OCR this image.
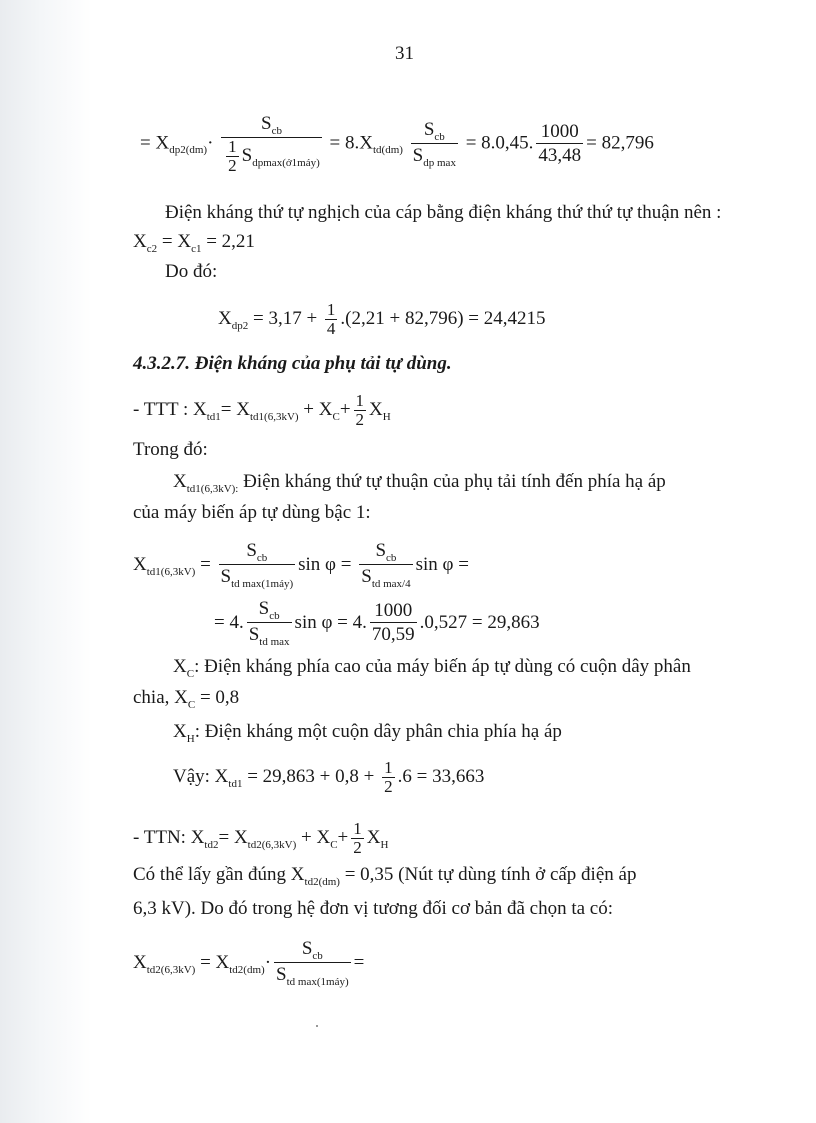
31
= $X_{dp2(dm)}\cdot \frac{S_{cb}}{\frac{1}{2} S_{dpmax(ở1máy)}} = 8.X_{td(dm)} \frac{S_{cb}}{S_{dp max}} = 8.0,45$. $\frac{1000}{43,48} = 82,796$
Điện kháng thứ tự nghịch của cáp bằng điện kháng thứ thứ tự thuận nên :
$X_{c2} = X_{c1} = 2,21$
Do đó:
$X_{dp2} = 3,17 + \frac{1}{4} .(2,21 + 82,796) = 24,4215$
4.3.2.7. Điện kháng của phụ tải tự dùng.
- TTT : $X_{td1}= X_{td1(6,3kV)} + X_C+ \frac{1}{2} X_H$
Trong đó:
$X_{td1(6,3kV):}$ Điện kháng thứ tự thuận của phụ tải tính đến phía hạ áp
của máy biến áp tự dùng bậc 1:
$X_{td1(6,3kV)} = \frac{S_{cb}}{S_{td max(1máy)}}$ $\sin \varphi = \frac{S_{cb}}{S_{td max/4}}$ sin φ =
= 4. $\frac{S_{cb}}{S_{td max}}$ sin φ = 4. $\frac{1000}{70,59} .0,527 = 29,863$
$X_C$: Điện kháng phía cao của máy biến áp tự dùng có cuộn dây phân
chia, $X_C = 0,8$
$X_H$: Điện kháng một cuộn dây phân chia phía hạ áp
Vậy: $X_{td1} = 29,863 + 0,8 + \frac{1}{2} .6 = 33,663$
- TTN: $X_{td2}= X_{td2(6,3kV)} + X_C+ \frac{1}{2} X_H$
Có thể lấy gần đúng $X_{td2(dm)} = 0,35$ (Nút tự dùng tính ở cấp điện áp
6,3 kV). Do đó trong hệ đơn vị tương đối cơ bản đã chọn ta có:
$X_{td2(6,3kV)} = X_{td2(dm)}\cdot \frac{S_{cb}}{S_{td max(1máy)}}$ =
